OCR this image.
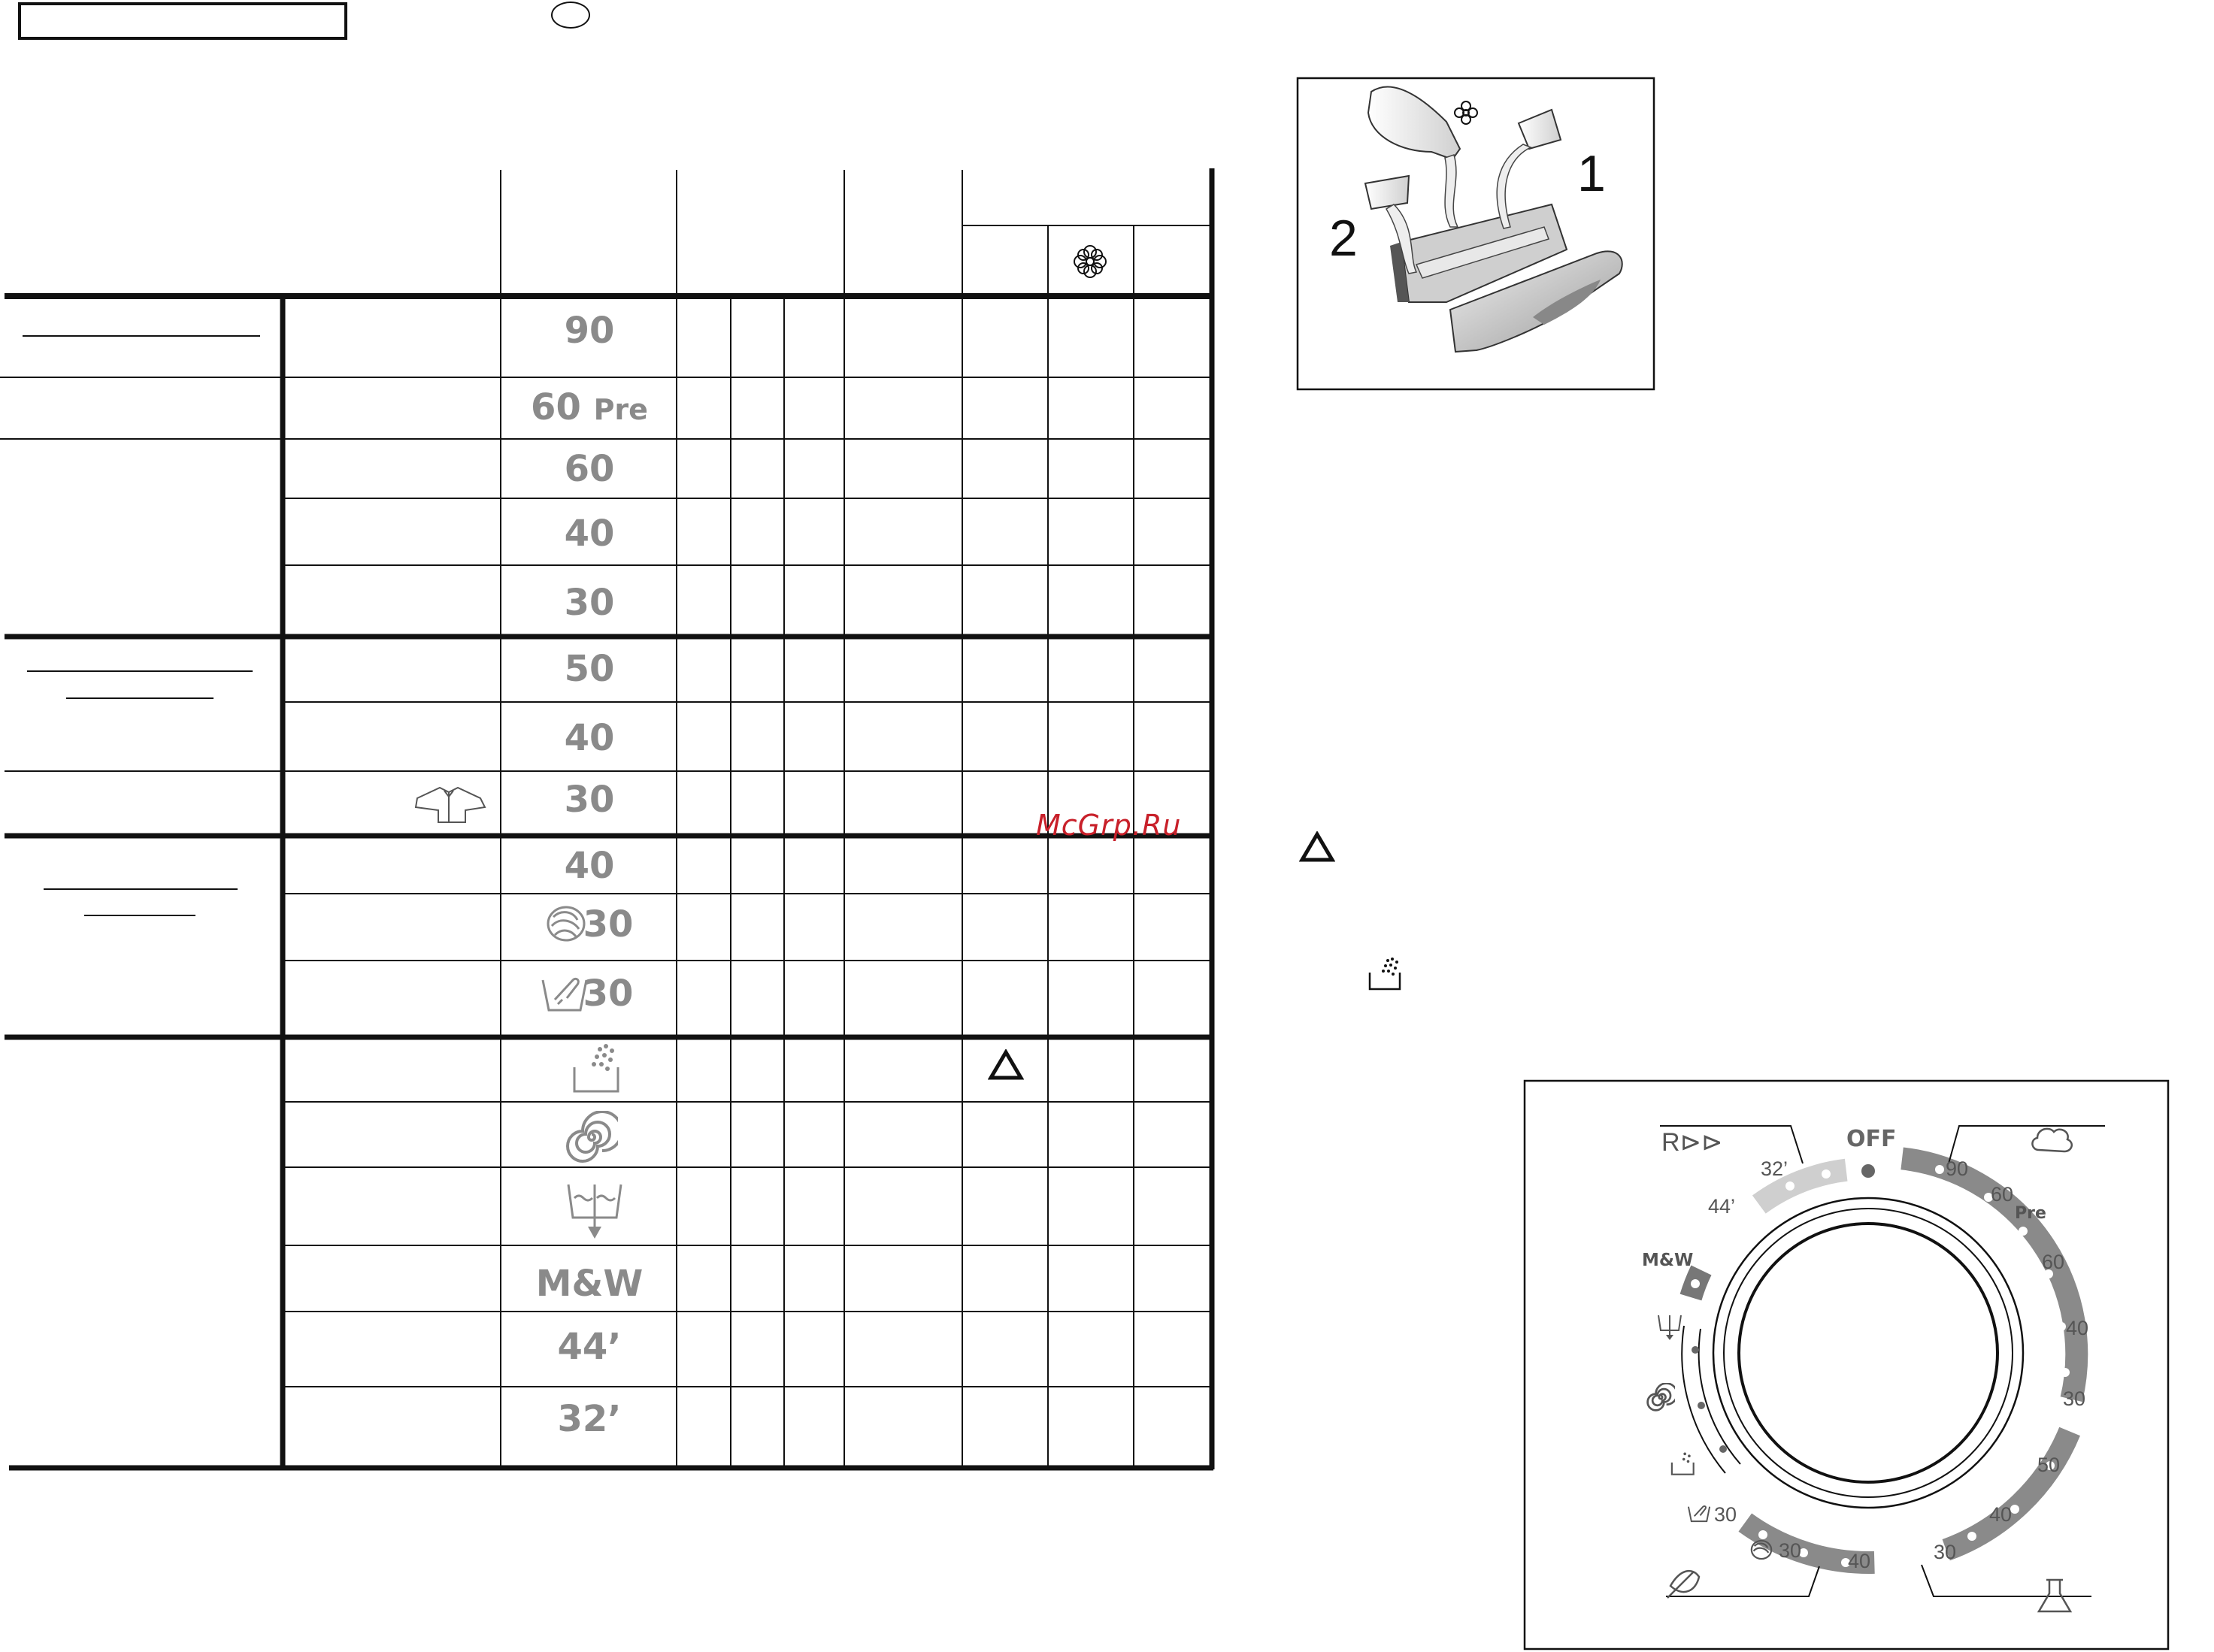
90
60 Pre
60
40
30
50
40
30
40
30
30
M&W
44’
32’
McGrp.Ru
1
2
OFF
90
60
Pre
60
40
30
50
40
30
40
30
30
32’
44’
M&W
R⊳⊳
